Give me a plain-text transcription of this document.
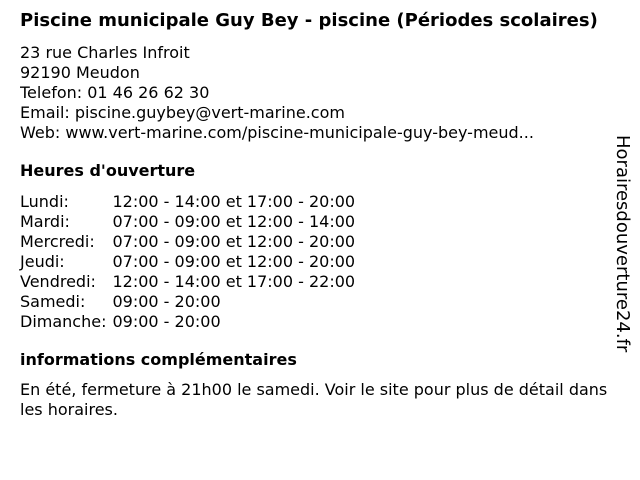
Piscine municipale Guy Bey - piscine (Périodes scolaires)
23 rue Charles Infroit
92190 Meudon
Telefon: 01 46 26 62 30
Email: piscine.guybey@vert-marine.com
Web: www.vert-marine.com/piscine-municipale-guy-bey-meud...
Heures d'ouverture
Lundi:	12:00 - 14:00 et 17:00 - 20:00
Mardi:	07:00 - 09:00 et 12:00 - 14:00
Mercredi:	07:00 - 09:00 et 12:00 - 20:00
Jeudi:	07:00 - 09:00 et 12:00 - 20:00
Vendredi:	12:00 - 14:00 et 17:00 - 22:00
Samedi:	09:00 - 20:00
Dimanche:	09:00 - 20:00
informations complémentaires
En été, fermeture à 21h00 le samedi. Voir le site pour plus de détail dans les horaires.
Horairesdouverture24.fr
